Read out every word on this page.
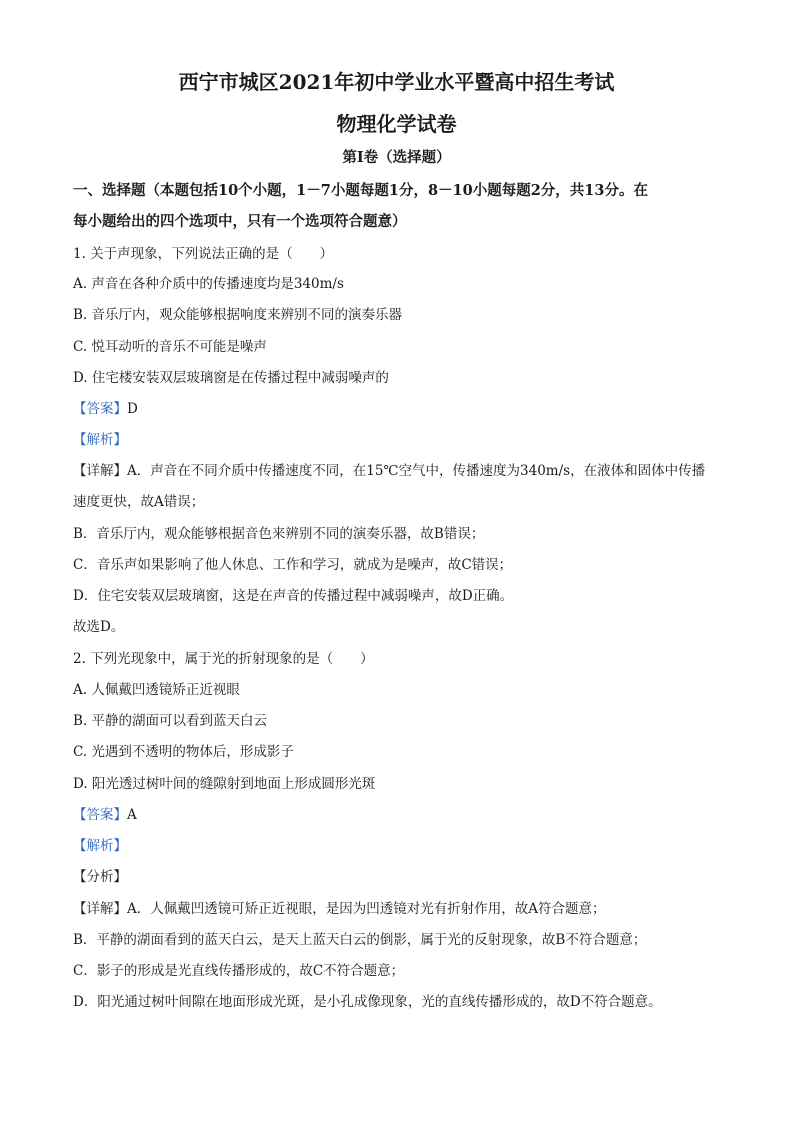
西宁市城区2021年初中学业水平暨高中招生考试
物理化学试卷
第Ⅰ卷（选择题）
一、选择题（本题包括10个小题，1－7小题每题1分，8－10小题每题2分，共13分。在
每小题给出的四个选项中，只有一个选项符合题意）
1. 关于声现象，下列说法正确的是（　　）
A. 声音在各种介质中的传播速度均是340m/s
B. 音乐厅内，观众能够根据响度来辨别不同的演奏乐器
C. 悦耳动听的音乐不可能是噪声
D. 住宅楼安装双层玻璃窗是在传播过程中减弱噪声的
【答案】D
【解析】
【详解】A．声音在不同介质中传播速度不同，在15℃空气中，传播速度为340m/s，在液体和固体中传播
速度更快，故A错误；
B．音乐厅内，观众能够根据音色来辨别不同的演奏乐器，故B错误；
C．音乐声如果影响了他人休息、工作和学习，就成为是噪声，故C错误；
D．住宅安装双层玻璃窗，这是在声音的传播过程中减弱噪声，故D正确。
故选D。
2. 下列光现象中，属于光的折射现象的是（　　）
A. 人佩戴凹透镜矫正近视眼
B. 平静的湖面可以看到蓝天白云
C. 光遇到不透明的物体后，形成影子
D. 阳光透过树叶间的缝隙射到地面上形成圆形光斑
【答案】A
【解析】
【分析】
【详解】A．人佩戴凹透镜可矫正近视眼，是因为凹透镜对光有折射作用，故A符合题意；
B．平静的湖面看到的蓝天白云，是天上蓝天白云的倒影，属于光的反射现象，故B不符合题意；
C．影子的形成是光直线传播形成的，故C不符合题意；
D．阳光通过树叶间隙在地面形成光斑，是小孔成像现象，光的直线传播形成的，故D不符合题意。
